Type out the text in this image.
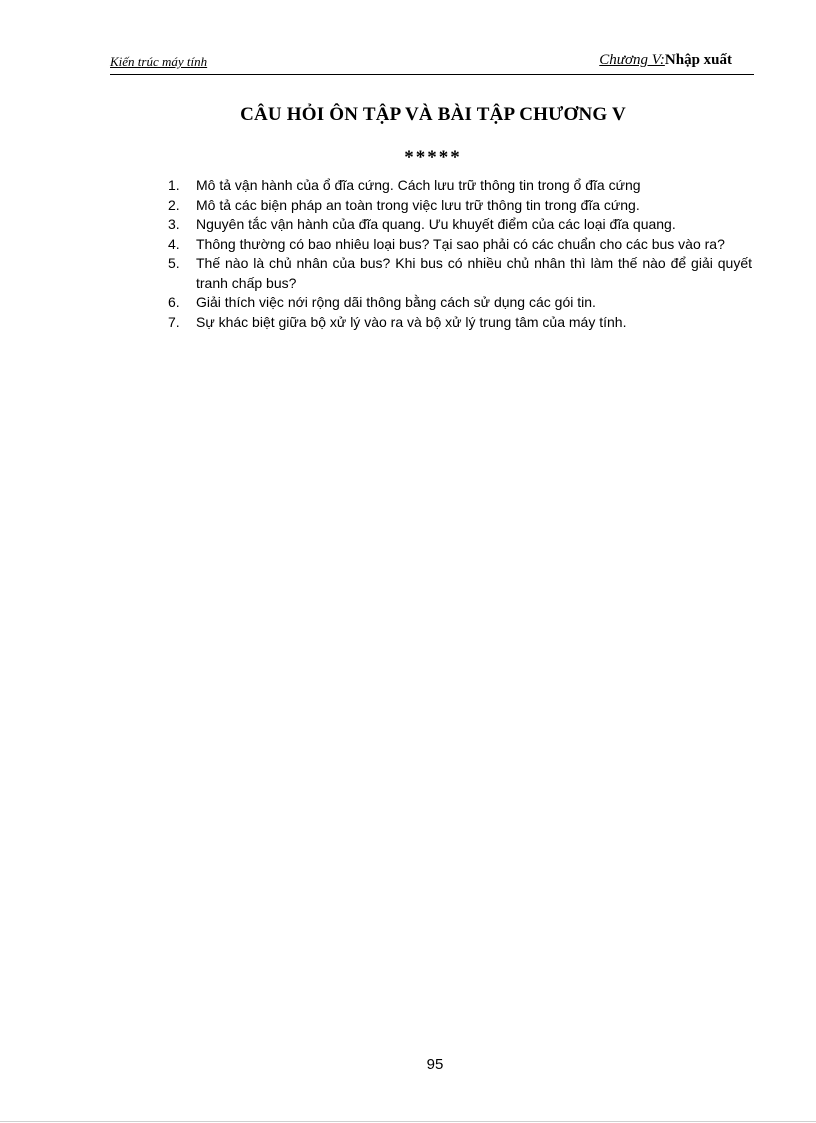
Kiến trúc máy tính	Chương V:Nhập xuất
CÂU HỎI ÔN TẬP VÀ BÀI TẬP CHƯƠNG V
*****
1.	Mô tả vận hành của ổ đĩa cứng. Cách lưu trữ thông tin trong ổ đĩa cứng
2.	Mô tả các biện pháp an toàn trong việc lưu trữ thông tin trong đĩa cứng.
3.	Nguyên tắc vận hành của đĩa quang. Ưu khuyết điểm của các loại đĩa quang.
4.	Thông thường có bao nhiêu loại bus? Tại sao phải có các chuẩn cho các bus vào ra?
5.	Thế nào là chủ nhân của bus? Khi bus có nhiều chủ nhân thì làm thế nào để giải quyết tranh chấp bus?
6.	Giải thích việc nới rộng dãi thông bằng cách sử dụng các gói tin.
7.	Sự khác biệt giữa bộ xử lý vào ra và bộ xử lý trung tâm của máy tính.
95
